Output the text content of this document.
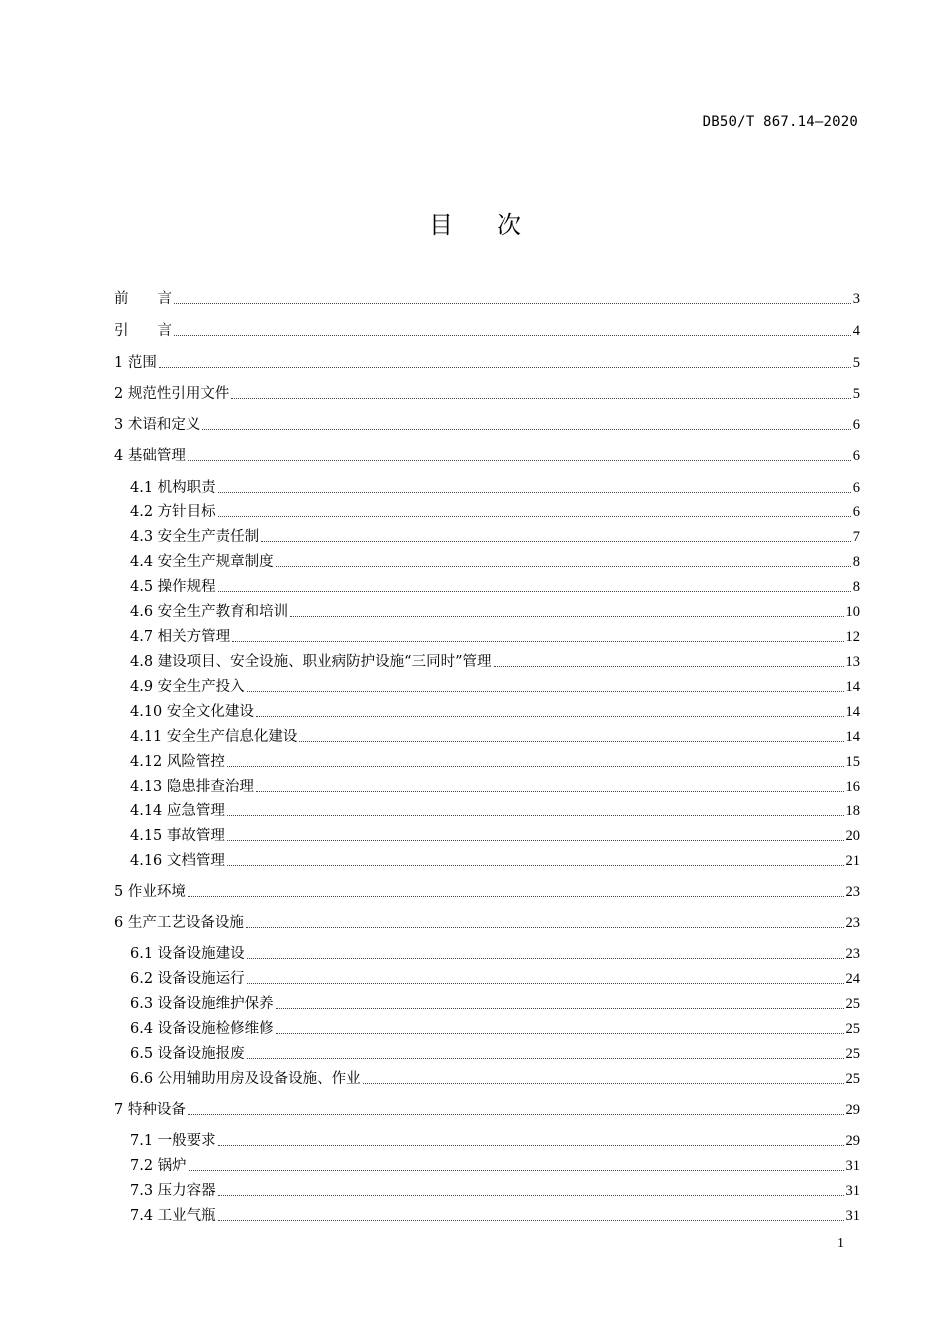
DB50/T 867.14—2020
目次
前　　言	3
引　　言	4
1 范围	5
2 规范性引用文件	5
3 术语和定义	6
4 基础管理	6
4.1 机构职责	6
4.2 方针目标	6
4.3 安全生产责任制	7
4.4 安全生产规章制度	8
4.5 操作规程	8
4.6 安全生产教育和培训	10
4.7 相关方管理	12
4.8 建设项目、安全设施、职业病防护设施“三同时”管理	13
4.9 安全生产投入	14
4.10 安全文化建设	14
4.11 安全生产信息化建设	14
4.12 风险管控	15
4.13 隐患排查治理	16
4.14 应急管理	18
4.15 事故管理	20
4.16 文档管理	21
5 作业环境	23
6 生产工艺设备设施	23
6.1 设备设施建设	23
6.2 设备设施运行	24
6.3 设备设施维护保养	25
6.4 设备设施检修维修	25
6.5 设备设施报废	25
6.6 公用辅助用房及设备设施、作业	25
7 特种设备	29
7.1 一般要求	29
7.2 锅炉	31
7.3 压力容器	31
7.4 工业气瓶	31
1
